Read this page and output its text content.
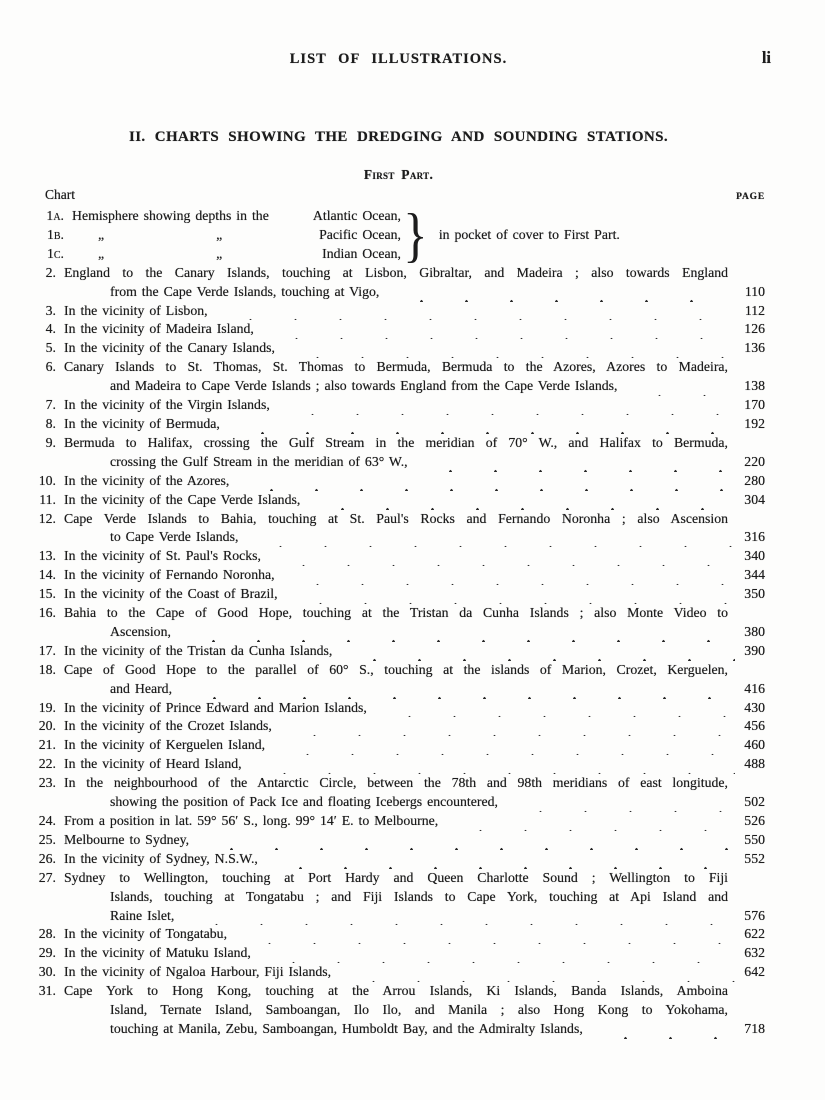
LIST OF ILLUSTRATIONS.	li
II. CHARTS SHOWING THE DREDGING AND SOUNDING STATIONS.
First Part.
Chart	PAGE
1a. Hemisphere showing depths in the	Atlantic Ocean,
1b. „	„	Pacific Ocean,
1c. „	„	Indian Ocean, } in pocket of cover to First Part.
2. England to the Canary Islands, touching at Lisbon, Gibraltar, and Madeira ; also towards England
from the Cape Verde Islands, touching at Vigo,	110
3. In the vicinity of Lisbon,	112
4. In the vicinity of Madeira Island,	126
5. In the vicinity of the Canary Islands,	136
6. Canary Islands to St. Thomas, St. Thomas to Bermuda, Bermuda to the Azores, Azores to Madeira,
and Madeira to Cape Verde Islands ; also towards England from the Cape Verde Islands,	138
7. In the vicinity of the Virgin Islands,	170
8. In the vicinity of Bermuda,	192
9. Bermuda to Halifax, crossing the Gulf Stream in the meridian of 70° W., and Halifax to Bermuda,
crossing the Gulf Stream in the meridian of 63° W.,	220
10. In the vicinity of the Azores,	280
11. In the vicinity of the Cape Verde Islands,	304
12. Cape Verde Islands to Bahia, touching at St. Paul's Rocks and Fernando Noronha ; also Ascension
to Cape Verde Islands,	316
13. In the vicinity of St. Paul's Rocks,	340
14. In the vicinity of Fernando Noronha,	344
15. In the vicinity of the Coast of Brazil,	350
16. Bahia to the Cape of Good Hope, touching at the Tristan da Cunha Islands ; also Monte Video to
Ascension,	380
17. In the vicinity of the Tristan da Cunha Islands,	390
18. Cape of Good Hope to the parallel of 60° S., touching at the islands of Marion, Crozet, Kerguelen,
and Heard,	416
19. In the vicinity of Prince Edward and Marion Islands,	430
20. In the vicinity of the Crozet Islands,	456
21. In the vicinity of Kerguelen Island,	460
22. In the vicinity of Heard Island,	488
23. In the neighbourhood of the Antarctic Circle, between the 78th and 98th meridians of east longitude,
showing the position of Pack Ice and floating Icebergs encountered,	502
24. From a position in lat. 59° 56′ S., long. 99° 14′ E. to Melbourne,	526
25. Melbourne to Sydney,	550
26. In the vicinity of Sydney, N.S.W.,	552
27. Sydney to Wellington, touching at Port Hardy and Queen Charlotte Sound ; Wellington to Fiji
Islands, touching at Tongatabu ; and Fiji Islands to Cape York, touching at Api Island and
Raine Islet,	576
28. In the vicinity of Tongatabu,	622
29. In the vicinity of Matuku Island,	632
30. In the vicinity of Ngaloa Harbour, Fiji Islands,	642
31. Cape York to Hong Kong, touching at the Arrou Islands, Ki Islands, Banda Islands, Amboina
Island, Ternate Island, Samboangan, Ilo Ilo, and Manila ; also Hong Kong to Yokohama,
touching at Manila, Zebu, Samboangan, Humboldt Bay, and the Admiralty Islands,	718
